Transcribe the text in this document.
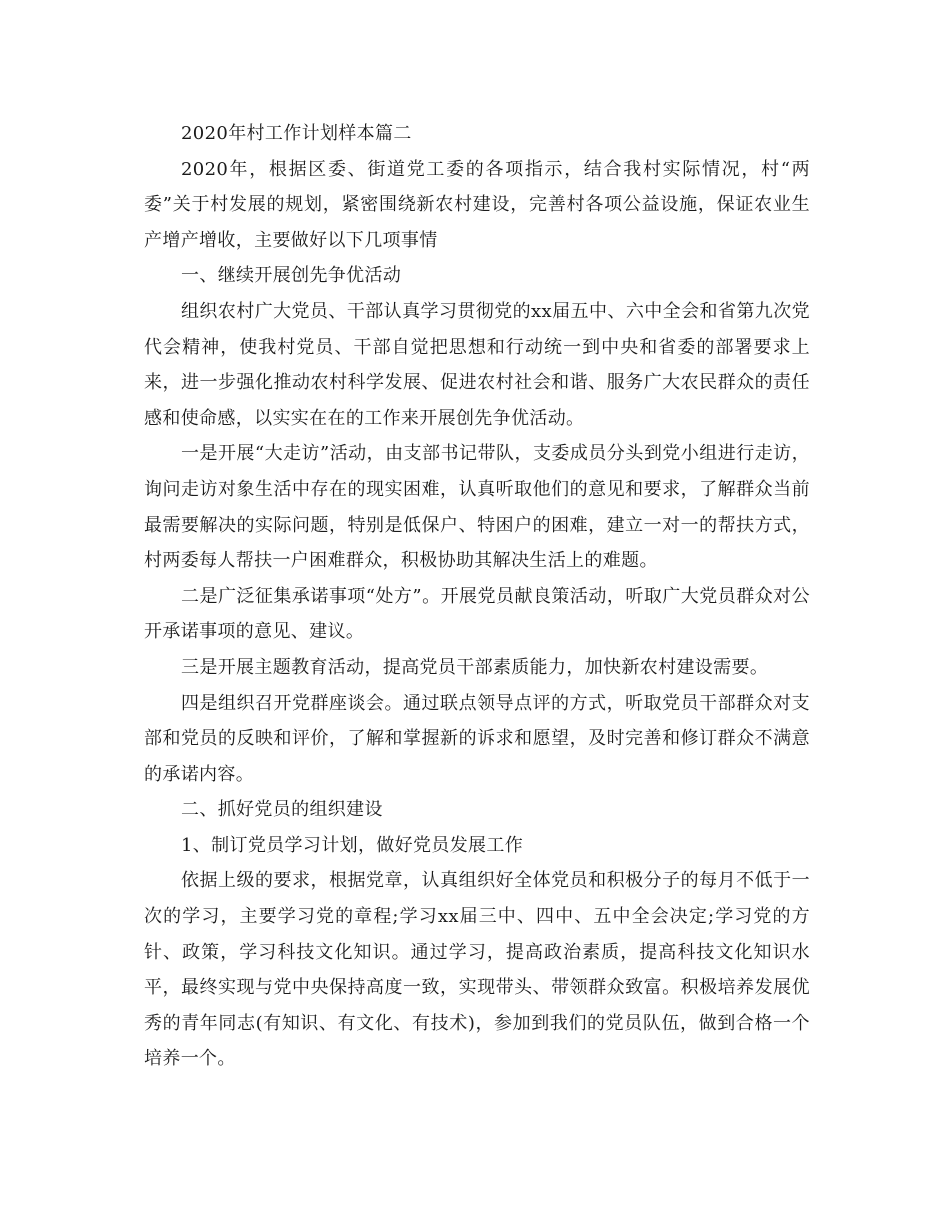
2020年村工作计划样本篇二

2020年，根据区委、街道党工委的各项指示，结合我村实际情况，村“两委”关于村发展的规划，紧密围绕新农村建设，完善村各项公益设施，保证农业生产增产增收，主要做好以下几项事情

一、继续开展创先争优活动

组织农村广大党员、干部认真学习贯彻党的xx届五中、六中全会和省第九次党代会精神，使我村党员、干部自觉把思想和行动统一到中央和省委的部署要求上来，进一步强化推动农村科学发展、促进农村社会和谐、服务广大农民群众的责任感和使命感，以实实在在的工作来开展创先争优活动。

一是开展“大走访”活动，由支部书记带队，支委成员分头到党小组进行走访，询问走访对象生活中存在的现实困难，认真听取他们的意见和要求，了解群众当前最需要解决的实际问题，特别是低保户、特困户的困难，建立一对一的帮扶方式，村两委每人帮扶一户困难群众，积极协助其解决生活上的难题。

二是广泛征集承诺事项“处方”。开展党员献良策活动，听取广大党员群众对公开承诺事项的意见、建议。

三是开展主题教育活动，提高党员干部素质能力，加快新农村建设需要。

四是组织召开党群座谈会。通过联点领导点评的方式，听取党员干部群众对支部和党员的反映和评价，了解和掌握新的诉求和愿望，及时完善和修订群众不满意的承诺内容。

二、抓好党员的组织建设

1、制订党员学习计划，做好党员发展工作

依据上级的要求，根据党章，认真组织好全体党员和积极分子的每月不低于一次的学习，主要学习党的章程;学习xx届三中、四中、五中全会决定;学习党的方针、政策，学习科技文化知识。通过学习，提高政治素质，提高科技文化知识水平，最终实现与党中央保持高度一致，实现带头、带领群众致富。积极培养发展优秀的青年同志(有知识、有文化、有技术)，参加到我们的党员队伍，做到合格一个培养一个。
